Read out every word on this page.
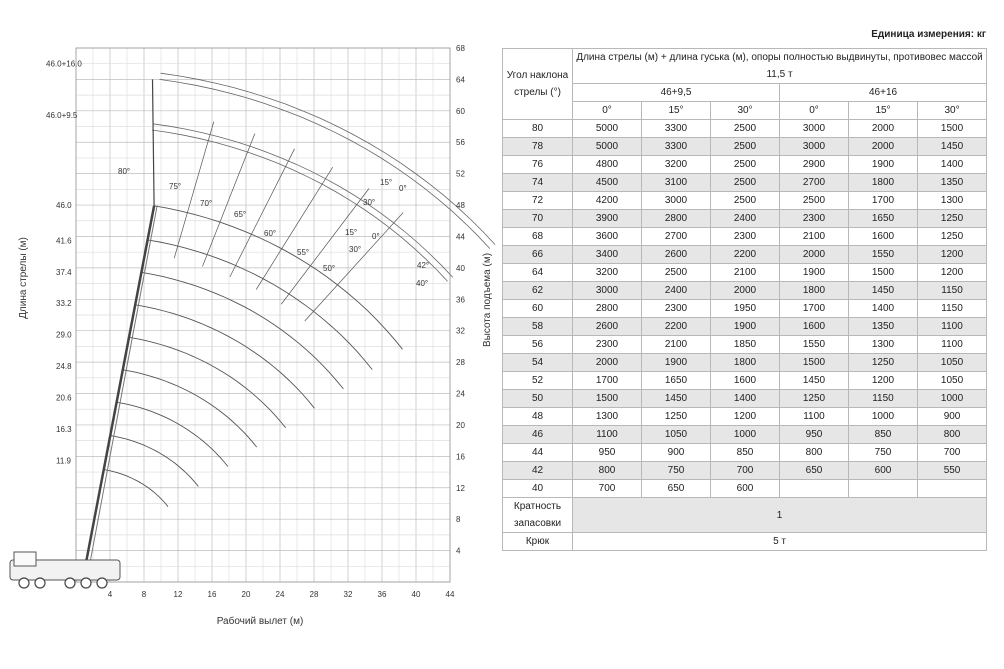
4	8	12	16	20	24	28	32	36	40	44
4
8
12
16
20
24
28
32
36
40
44
48
52
56
60
64
68
46.0+16.0
46.0+9.5
46.0
41.6
37.4
33.2
29.0
24.8
20.6
16.3
11.9
80°
75°
70°
65°
60°
55°
50°
15°
0°
30°
15° 0°
30°
42°
40°
Рабочий вылет (м)
Длина стрелы (м)	Высота подъема (м)
Единица измерения: кг
Угол наклона стрелы (°)	Длина стрелы (м) + длина гуська (м), опоры полностью выдвинуты, противовес массой 11,5 т					
	46+9,5			46+16		
	0°	15°	30°	0°	15°	30°
80	5000	3300	2500	3000	2000	1500
78	5000	3300	2500	3000	2000	1450
76	4800	3200	2500	2900	1900	1400
74	4500	3100	2500	2700	1800	1350
72	4200	3000	2500	2500	1700	1300
70	3900	2800	2400	2300	1650	1250
68	3600	2700	2300	2100	1600	1250
66	3400	2600	2200	2000	1550	1200
64	3200	2500	2100	1900	1500	1200
62	3000	2400	2000	1800	1450	1150
60	2800	2300	1950	1700	1400	1150
58	2600	2200	1900	1600	1350	1100
56	2300	2100	1850	1550	1300	1100
54	2000	1900	1800	1500	1250	1050
52	1700	1650	1600	1450	1200	1050
50	1500	1450	1400	1250	1150	1000
48	1300	1250	1200	1100	1000	900
46	1100	1050	1000	950	850	800
44	950	900	850	800	750	700
42	800	750	700	650	600	550
40	700	650	600			
Кратность запасовки	1					
Крюк	5 т					
